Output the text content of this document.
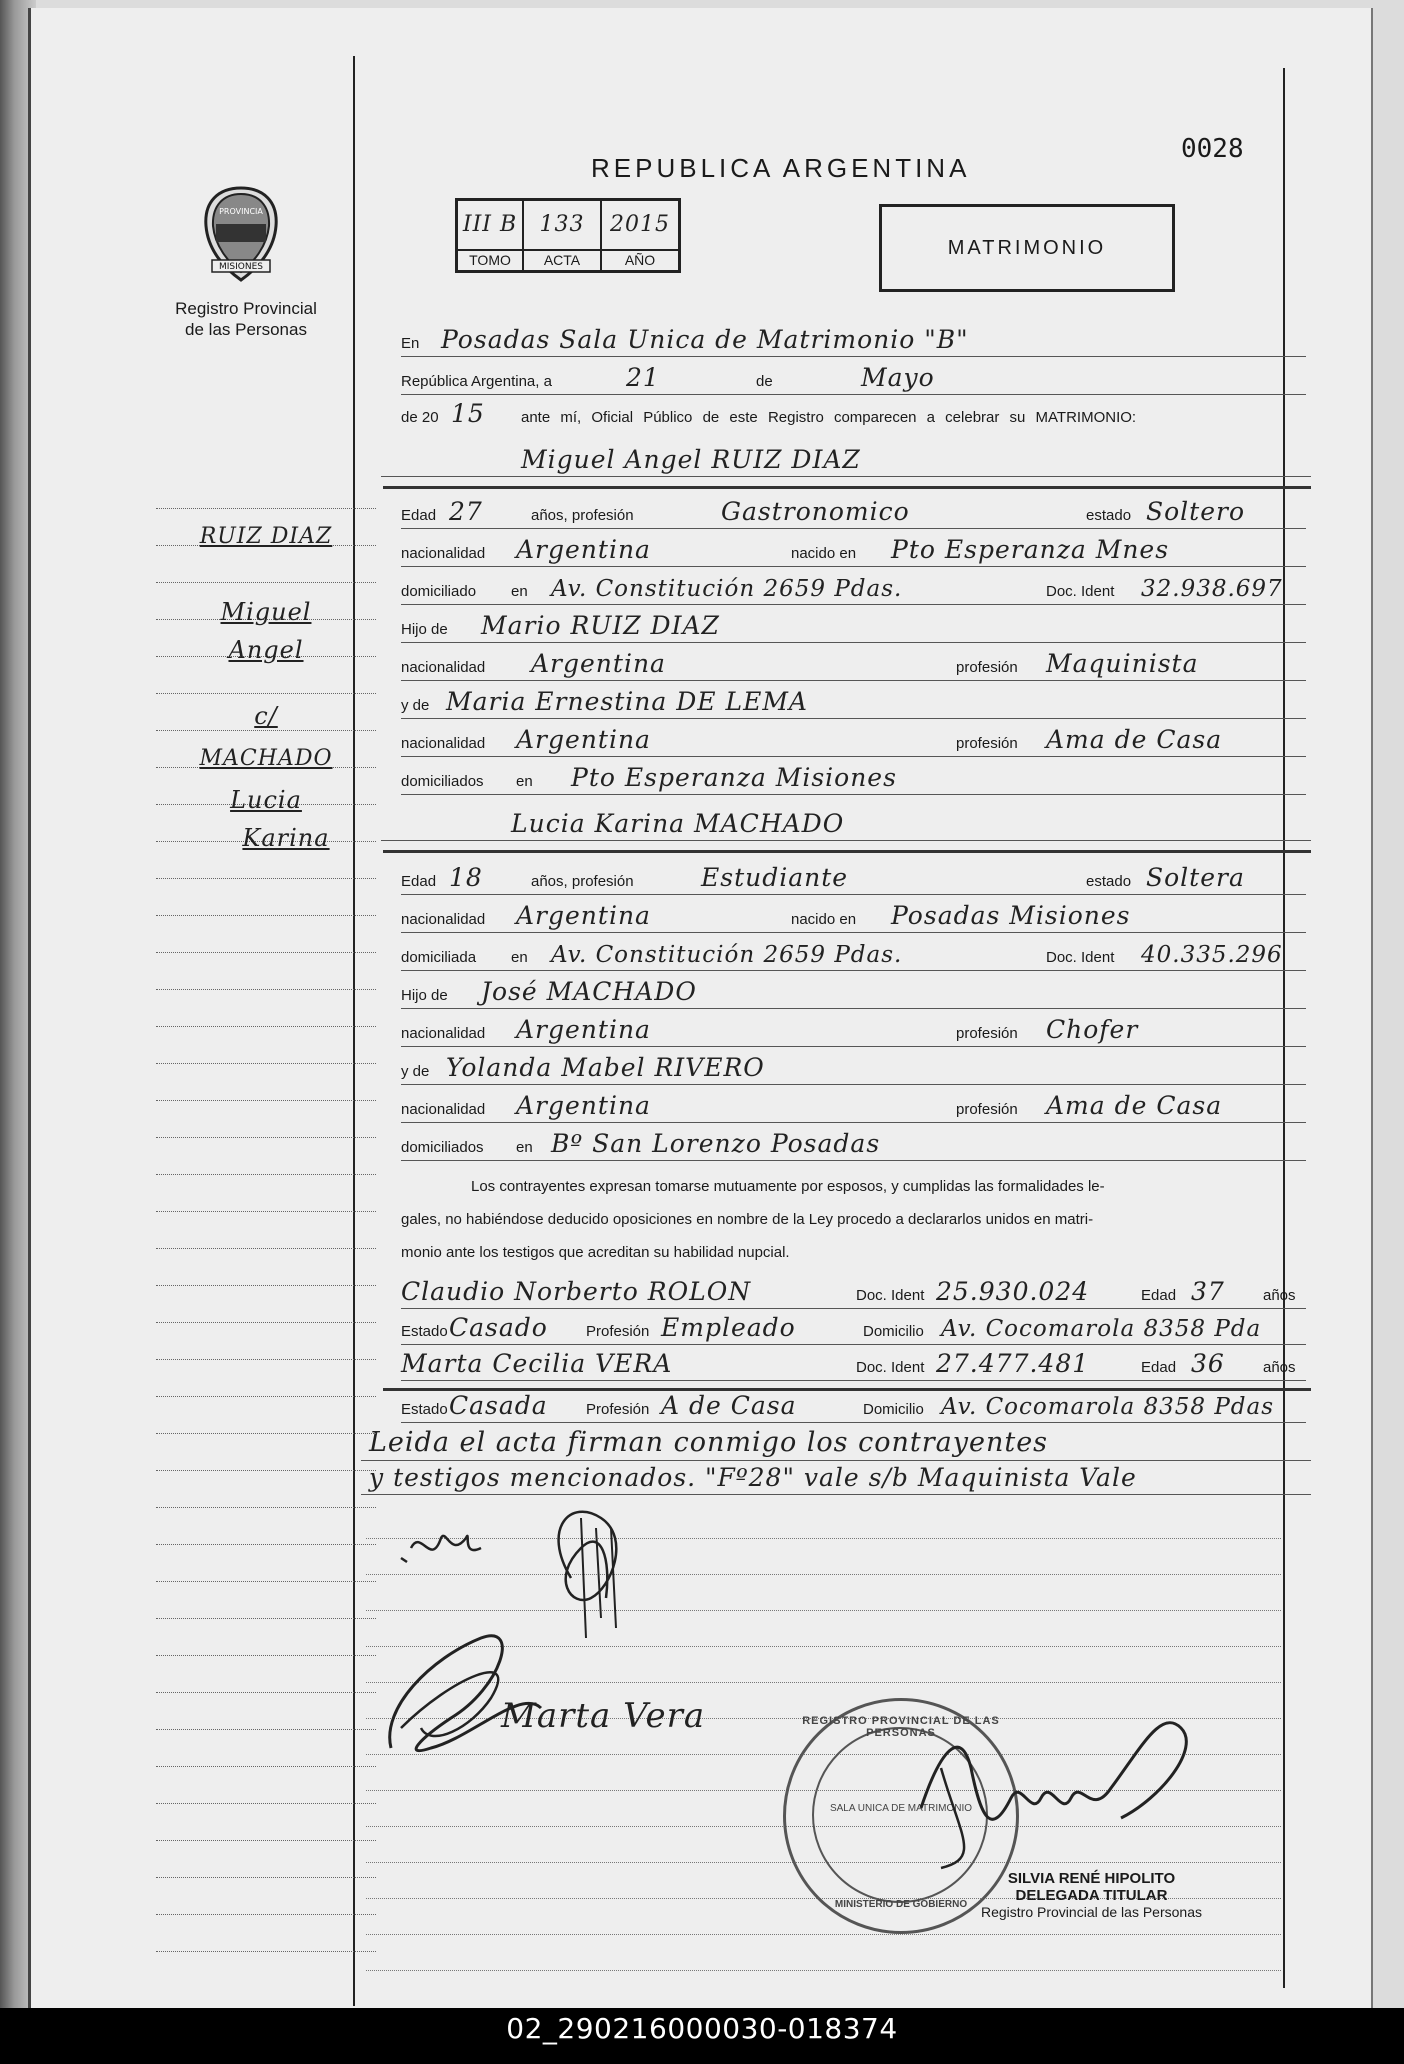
REPUBLICA ARGENTINA
0028
PROVINCIA
MISIONES
Registro Provincial
de las Personas
III B	133	2015
TOMO	ACTA	AÑO
MATRIMONIO
En Posadas Sala Unica de Matrimonio "B"
República Argentina, a	21	de	Mayo
de 20 15 ante mí, Oficial Público de este Registro comparecen a celebrar su MATRIMONIO:
Miguel Angel RUIZ DIAZ
Edad 27	años, profesión	Gastronomico	estado Soltero
nacionalidad Argentina	nacido en Pto Esperanza Mnes
domiciliado en Av. Constitución 2659 Pdas.	Doc. Ident 32.938.697
Hijo de Mario RUIZ DIAZ
nacionalidad Argentina	profesión Maquinista
y de Maria Ernestina DE LEMA
nacionalidad Argentina	profesión Ama de Casa
domiciliados en Pto Esperanza Misiones
Lucia Karina MACHADO
Edad 18	años, profesión	Estudiante	estado Soltera
nacionalidad Argentina	nacido en Posadas Misiones
domiciliada en Av. Constitución 2659 Pdas.	Doc. Ident 40.335.296
Hijo de José MACHADO
nacionalidad Argentina	profesión Chofer
y de Yolanda Mabel RIVERO
nacionalidad Argentina	profesión Ama de Casa
domiciliados en Bº San Lorenzo Posadas
Los contrayentes expresan tomarse mutuamente por esposos, y cumplidas las formalidades le-
gales, no habiéndose deducido oposiciones en nombre de la Ley procedo a declararlos unidos en matri-
monio ante los testigos que acreditan su habilidad nupcial.
Claudio Norberto ROLON	Doc. Ident 25.930.024	Edad 37	años
Estado Casado	Profesión Empleado	Domicilio Av. Cocomarola 8358 Pda
Marta Cecilia VERA	Doc. Ident 27.477.481	Edad 36	años
Estado Casada	Profesión A de Casa	Domicilio Av. Cocomarola 8358 Pdas
Leida el acta firman conmigo los contrayentes
y testigos mencionados. "Fº28" vale s/b Maquinista Vale
Marta Vera	REGISTRO PROVINCIAL DE LAS PERSONAS
SALA UNICA DE MATRIMONIO
MINISTERIO DE GOBIERNO
SILVIA RENÉ HIPOLITO
DELEGADA TITULAR
Registro Provincial de las Personas
RUIZ DIAZ
Miguel
Angel
c/
MACHADO
Lucia
Karina
02_290216000030-018374
